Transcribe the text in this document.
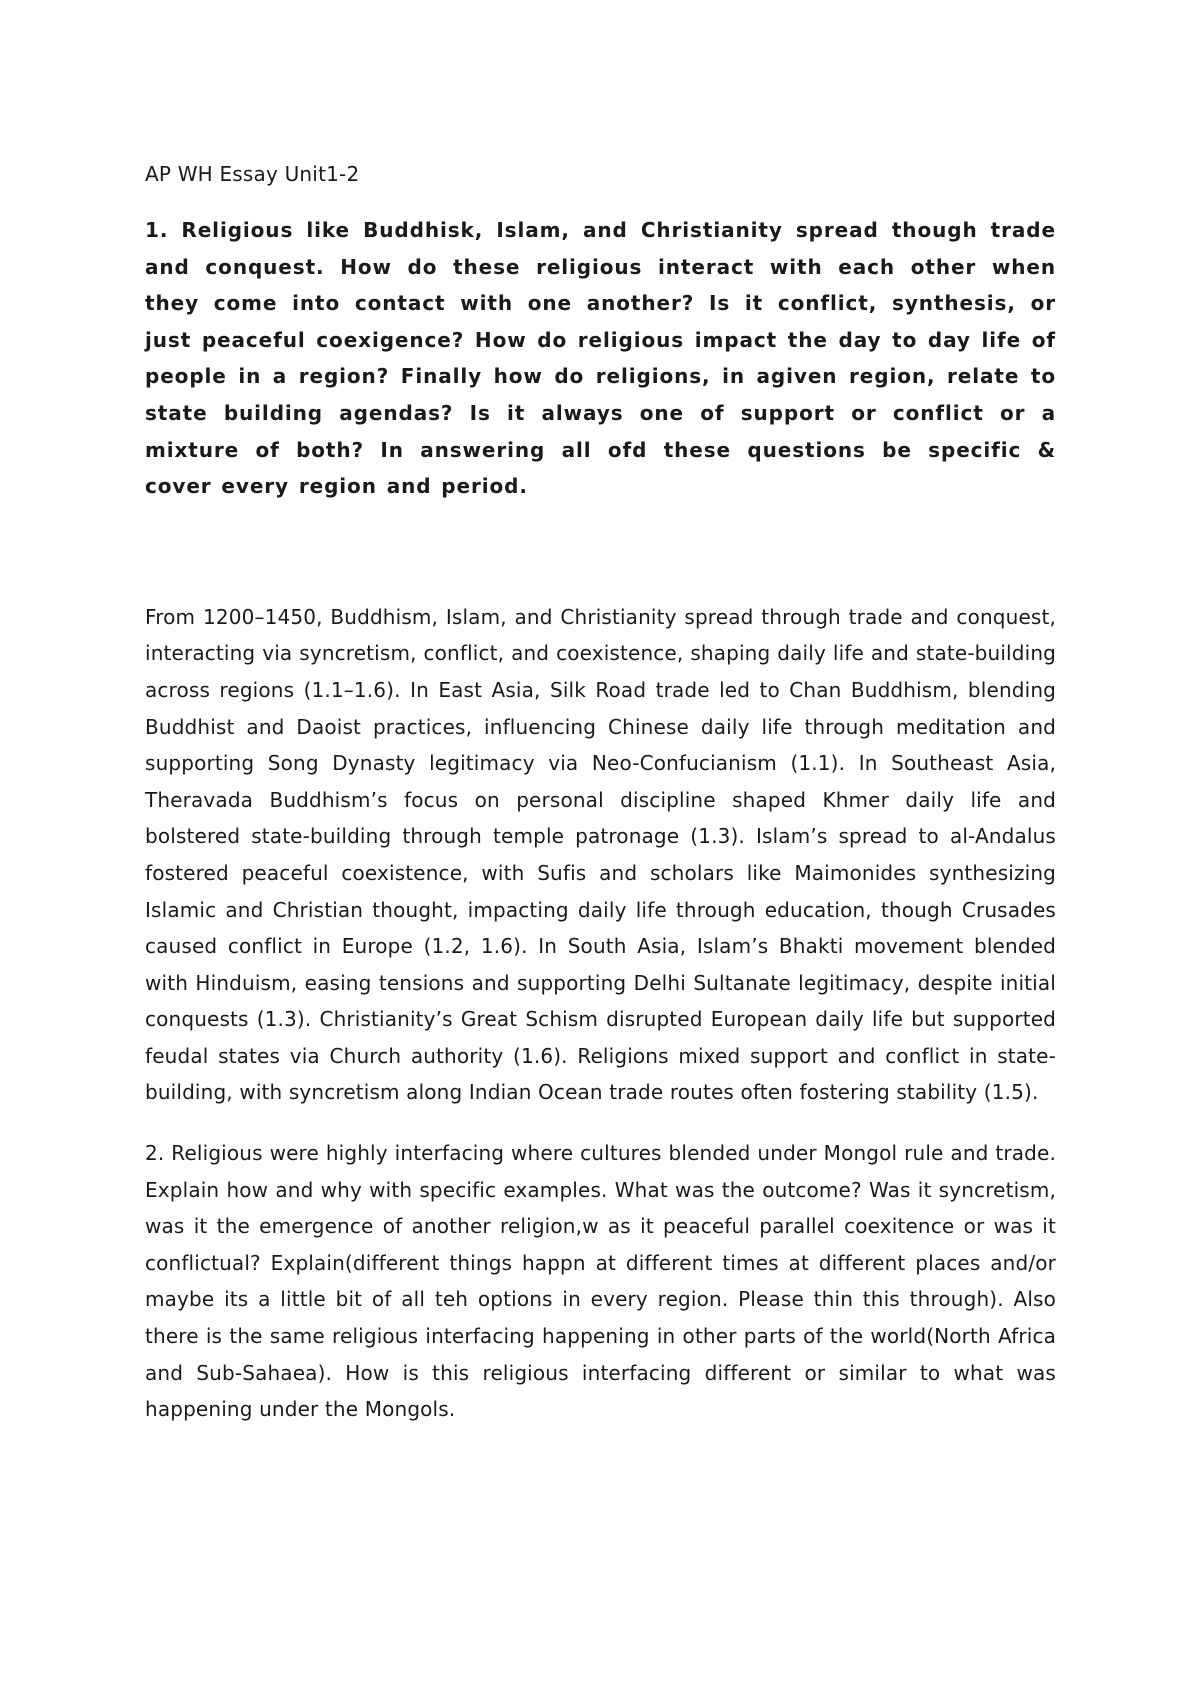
AP WH Essay Unit1-2

1. Religious like Buddhisk, Islam, and Christianity spread though trade and conquest. How do these religious interact with each other when they come into contact with one another? Is it conflict, synthesis, or just peaceful coexigence? How do religious impact the day to day life of people in a region? Finally how do religions, in agiven region, relate to state building agendas? Is it always one of support or conflict or a mixture of both? In answering all ofd these questions be specific & cover every region and period.

From 1200–1450, Buddhism, Islam, and Christianity spread through trade and conquest, interacting via syncretism, conflict, and coexistence, shaping daily life and state-building across regions (1.1–1.6). In East Asia, Silk Road trade led to Chan Buddhism, blending Buddhist and Daoist practices, influencing Chinese daily life through meditation and supporting Song Dynasty legitimacy via Neo-Confucianism (1.1). In Southeast Asia, Theravada Buddhism’s focus on personal discipline shaped Khmer daily life and bolstered state-building through temple patronage (1.3). Islam’s spread to al-Andalus fostered peaceful coexistence, with Sufis and scholars like Maimonides synthesizing Islamic and Christian thought, impacting daily life through education, though Crusades caused conflict in Europe (1.2, 1.6). In South Asia, Islam’s Bhakti movement blended with Hinduism, easing tensions and supporting Delhi Sultanate legitimacy, despite initial conquests (1.3). Christianity’s Great Schism disrupted European daily life but supported feudal states via Church authority (1.6). Religions mixed support and conflict in state-building, with syncretism along Indian Ocean trade routes often fostering stability (1.5).

2. Religious were highly interfacing where cultures blended under Mongol rule and trade. Explain how and why with specific examples. What was the outcome? Was it syncretism, was it the emergence of another religion,w as it peaceful parallel coexitence or was it conflictual? Explain(different things happn at different times at different places and/or maybe its a little bit of all teh options in every region. Please thin this through). Also there is the same religious interfacing happening in other parts of the world(North Africa and Sub-Sahaea). How is this religious interfacing different or similar to what was happening under the Mongols.
